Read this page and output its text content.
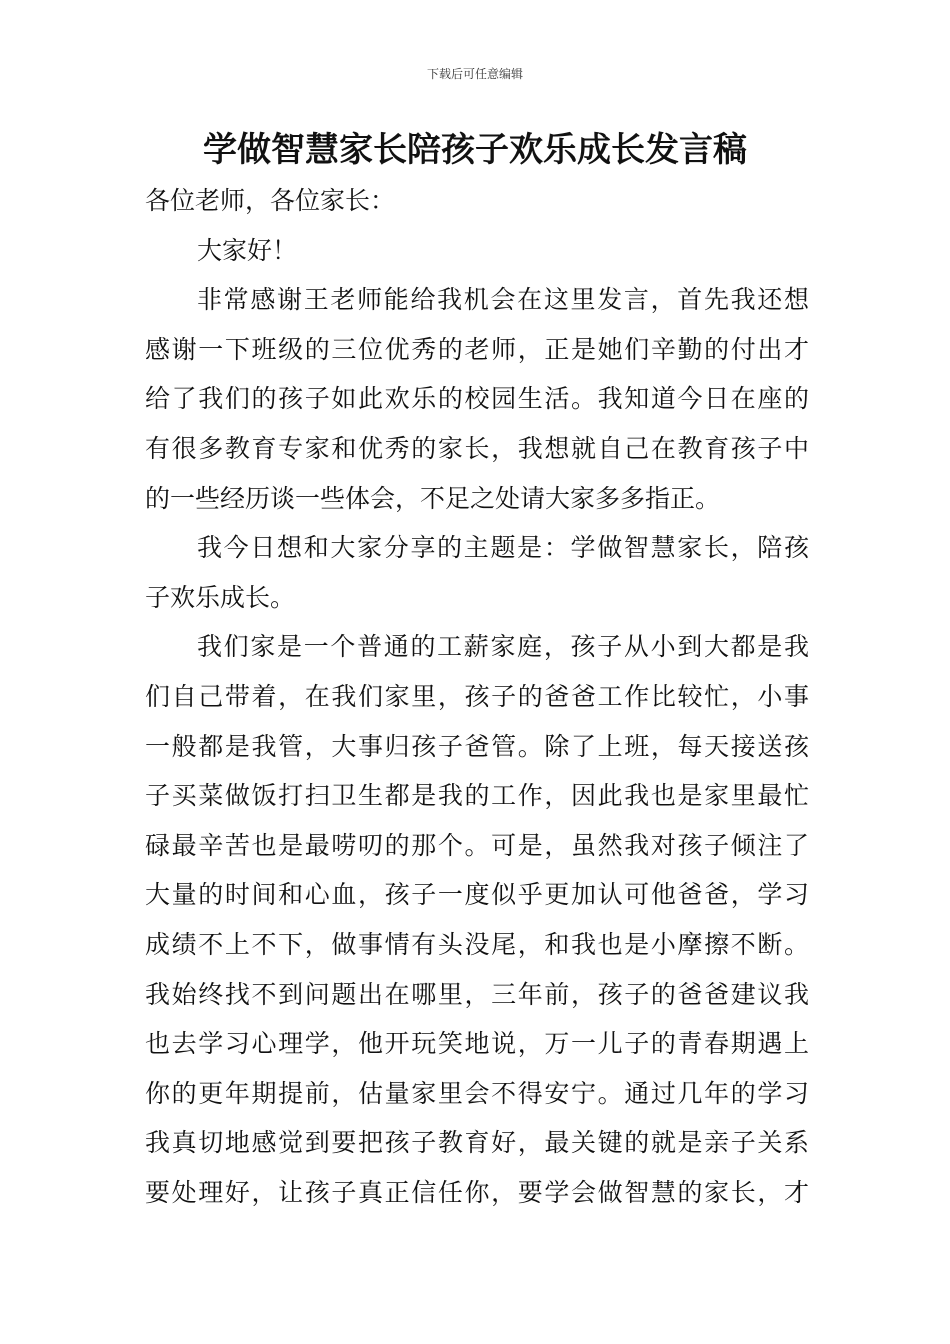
下载后可任意编辑
学做智慧家长陪孩子欢乐成长发言稿

各位老师，各位家长：

大家好！

非常感谢王老师能给我机会在这里发言，首先我还想
感谢一下班级的三位优秀的老师，正是她们辛勤的付出才
给了我们的孩子如此欢乐的校园生活。我知道今日在座的
有很多教育专家和优秀的家长，我想就自己在教育孩子中
的一些经历谈一些体会，不足之处请大家多多指正。

我今日想和大家分享的主题是：学做智慧家长，陪孩
子欢乐成长。

我们家是一个普通的工薪家庭，孩子从小到大都是我
们自己带着，在我们家里，孩子的爸爸工作比较忙，小事
一般都是我管，大事归孩子爸管。除了上班，每天接送孩
子买菜做饭打扫卫生都是我的工作，因此我也是家里最忙
碌最辛苦也是最唠叨的那个。可是，虽然我对孩子倾注了
大量的时间和心血，孩子一度似乎更加认可他爸爸，学习
成绩不上不下，做事情有头没尾，和我也是小摩擦不断。
我始终找不到问题出在哪里，三年前，孩子的爸爸建议我
也去学习心理学，他开玩笑地说，万一儿子的青春期遇上
你的更年期提前，估量家里会不得安宁。通过几年的学习
我真切地感觉到要把孩子教育好，最关键的就是亲子关系
要处理好，让孩子真正信任你，要学会做智慧的家长，才
